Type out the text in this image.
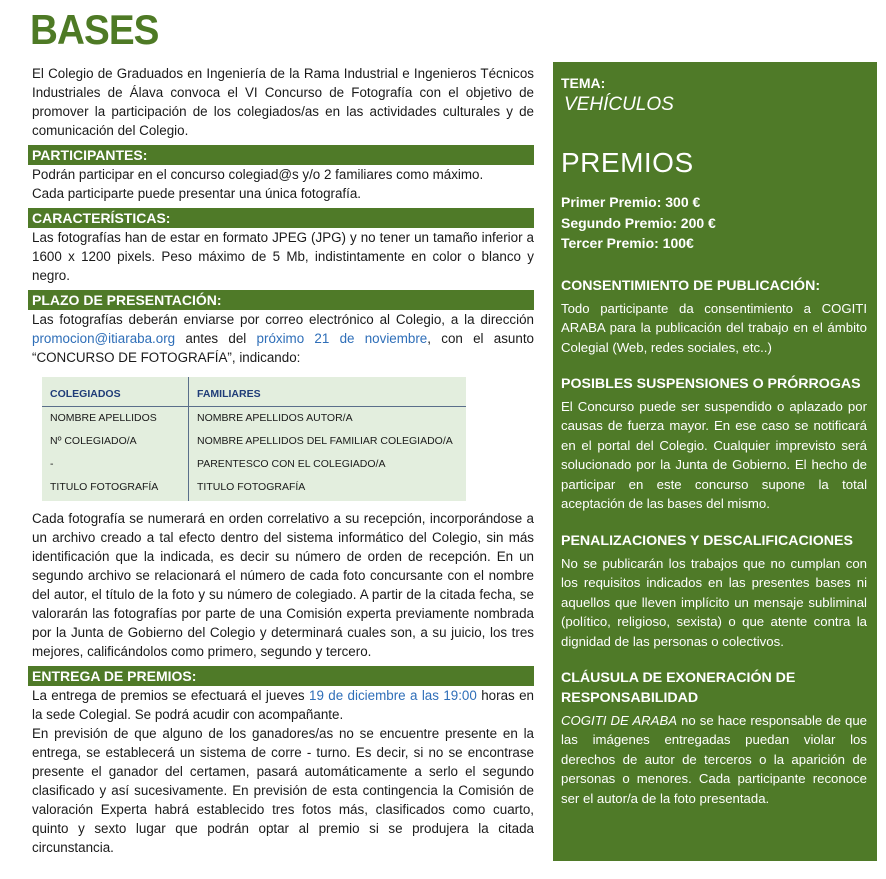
BASES

El Colegio de Graduados en Ingeniería de la Rama Industrial e Ingenieros Técnicos Industriales de Álava convoca el VI Concurso de Fotografía con el objetivo de promover la participación de los colegiados/as en las actividades culturales y de comunicación del Colegio.

PARTICIPANTES:

Podrán participar en el concurso colegiad@s y/o 2 familiares como máximo.

Cada participarte puede presentar una única fotografía.

CARACTERÍSTICAS:

Las fotografías han de estar en formato JPEG (JPG) y no tener un tamaño inferior a 1600 x 1200 pixels. Peso máximo de 5 Mb, indistintamente en color o blanco y negro.

PLAZO DE PRESENTACIÓN:

Las fotografías deberán enviarse por correo electrónico al Colegio, a la dirección promocion@itiaraba.org antes del próximo 21 de noviembre, con el asunto “CONCURSO DE FOTOGRAFÍA”, indicando:

COLEGIADOS	FAMILIARES
NOMBRE APELLIDOS	NOMBRE APELLIDOS AUTOR/A
Nº COLEGIADO/A	NOMBRE APELLIDOS DEL FAMILIAR COLEGIADO/A
-	PARENTESCO CON EL COLEGIADO/A
TITULO FOTOGRAFÍA	TITULO FOTOGRAFÍA

Cada fotografía se numerará en orden correlativo a su recepción, incorporándose a un archivo creado a tal efecto dentro del sistema informático del Colegio, sin más identificación que la indicada, es decir su número de orden de recepción. En un segundo archivo se relacionará el número de cada foto concursante con el nombre del autor, el título de la foto y su número de colegiado. A partir de la citada fecha, se valorarán las fotografías por parte de una Comisión experta previamente nombrada por la Junta de Gobierno del Colegio y determinará cuales son, a su juicio, los tres mejores, calificándolos como primero, segundo y tercero.

ENTREGA DE PREMIOS:

La entrega de premios se efectuará el jueves 19 de diciembre a las 19:00 horas en la sede Colegial. Se podrá acudir con acompañante.

En previsión de que alguno de los ganadores/as no se encuentre presente en la entrega, se establecerá un sistema de corre - turno. Es decir, si no se encontrase presente el ganador del certamen, pasará automáticamente a serlo el segundo clasificado y así sucesivamente. En previsión de esta contingencia la Comisión de valoración Experta habrá establecido tres fotos más, clasificados como cuarto, quinto y sexto lugar que podrán optar al premio si se produjera la citada circunstancia.

TEMA:
VEHÍCULOS
PREMIOS
Primer Premio: 300 €
Segundo Premio: 200 €
Tercer Premio: 100€
CONSENTIMIENTO DE PUBLICACIÓN:

Todo participante da consentimiento a COGITI ARABA para la publicación del trabajo en el ámbito Colegial (Web, redes sociales, etc..)

POSIBLES SUSPENSIONES O PRÓRROGAS

El Concurso puede ser suspendido o aplazado por causas de fuerza mayor. En ese caso se notificará en el portal del Colegio. Cualquier imprevisto será solucionado por la Junta de Gobierno. El hecho de participar en este concurso supone la total aceptación de las bases del mismo.

PENALIZACIONES Y DESCALIFICACIONES

No se publicarán los trabajos que no cumplan con los requisitos indicados en las presentes bases ni aquellos que lleven implícito un mensaje subliminal (político, religioso, sexista) o que atente contra la dignidad de las personas o colectivos.

CLÁUSULA DE EXONERACIÓN DE RESPONSABILIDAD

COGITI DE ARABA no se hace responsable de que las imágenes entregadas puedan violar los derechos de autor de terceros o la aparición de personas o menores. Cada participante reconoce ser el autor/a de la foto presentada.
